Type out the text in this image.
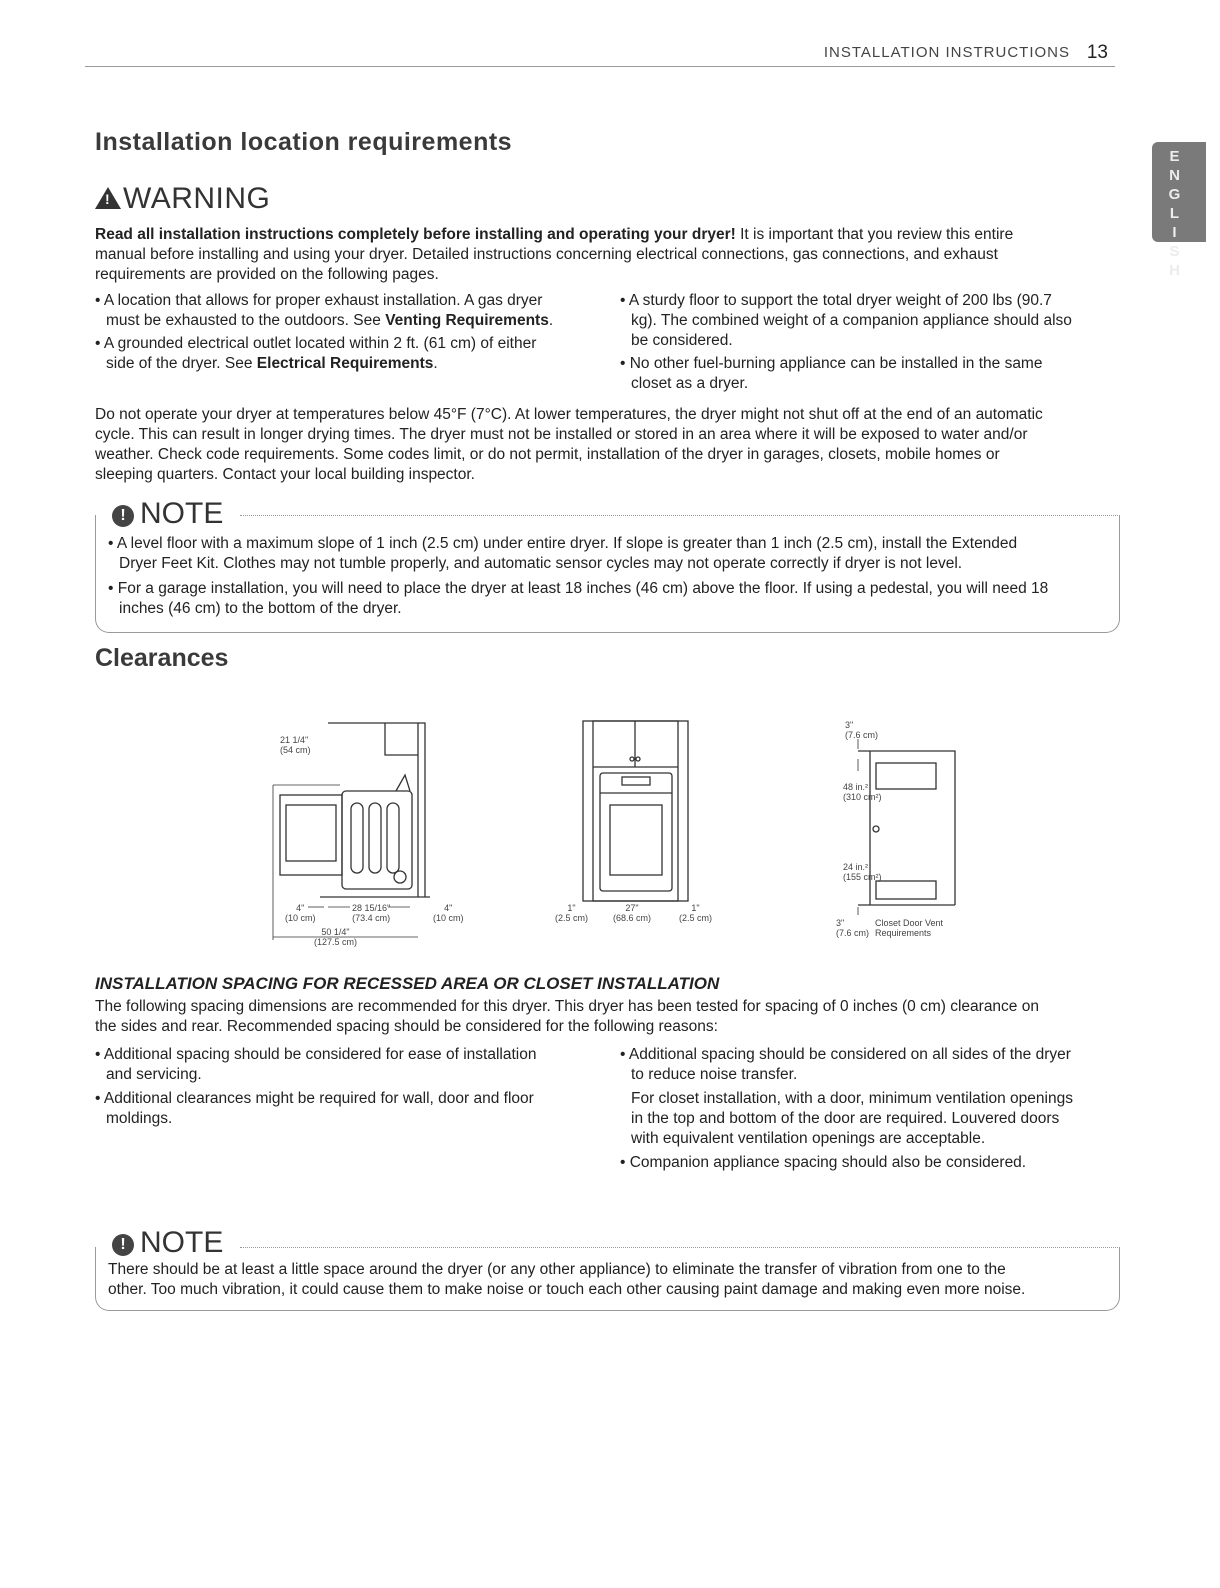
INSTALLATION INSTRUCTIONS 13
ENGLISH
Installation location requirements
!WARNING
Read all installation instructions completely before installing and operating your dryer! It is important that you review this entire
manual before installing and using your dryer. Detailed instructions concerning electrical connections, gas connections, and exhaust
requirements are provided on the following pages.
• A location that allows for proper exhaust installation. A gas dryer
must be exhausted to the outdoors. See Venting Requirements.
• A grounded electrical outlet located within 2 ft. (61 cm) of either
side of the dryer. See Electrical Requirements.
• A sturdy floor to support the total dryer weight of 200 lbs (90.7
kg). The combined weight of a companion appliance should also
be considered.
• No other fuel-burning appliance can be installed in the same
closet as a dryer.
Do not operate your dryer at temperatures below 45°F (7°C). At lower temperatures, the dryer might not shut off at the end of an automatic
cycle. This can result in longer drying times. The dryer must not be installed or stored in an area where it will be exposed to water and/or
weather. Check code requirements. Some codes limit, or do not permit, installation of the dryer in garages, closets, mobile homes or
sleeping quarters. Contact your local building inspector.
! NOTE
• A level floor with a maximum slope of 1 inch (2.5 cm) under entire dryer. If slope is greater than 1 inch (2.5 cm), install the Extended
Dryer Feet Kit. Clothes may not tumble properly, and automatic sensor cycles may not operate correctly if dryer is not level.
• For a garage installation, you will need to place the dryer at least 18 inches (46 cm) above the floor. If using a pedestal, you will need 18
inches (46 cm) to the bottom of the dryer.
Clearances
21 1/4"
(54 cm)
4"
(10 cm)
28 15/16"
(73.4 cm)
4"
(10 cm)
50 1/4"
(127.5 cm)
1"
(2.5 cm)
27"
(68.6 cm)
1"
(2.5 cm)
3"
(7.6 cm)
48 in.²
(310 cm²)
24 in.²
(155 cm²)
3"
(7.6 cm)
Closet Door Vent
Requirements
INSTALLATION SPACING FOR RECESSED AREA OR CLOSET INSTALLATION
The following spacing dimensions are recommended for this dryer. This dryer has been tested for spacing of 0 inches (0 cm) clearance on
the sides and rear. Recommended spacing should be considered for the following reasons:
• Additional spacing should be considered for ease of installation
and servicing.
• Additional clearances might be required for wall, door and floor
moldings.
• Additional spacing should be considered on all sides of the dryer
to reduce noise transfer.
For closet installation, with a door, minimum ventilation openings
in the top and bottom of the door are required. Louvered doors
with equivalent ventilation openings are acceptable.
• Companion appliance spacing should also be considered.
! NOTE
There should be at least a little space around the dryer (or any other appliance) to eliminate the transfer of vibration from one to the
other. Too much vibration, it could cause them to make noise or touch each other causing paint damage and making even more noise.
